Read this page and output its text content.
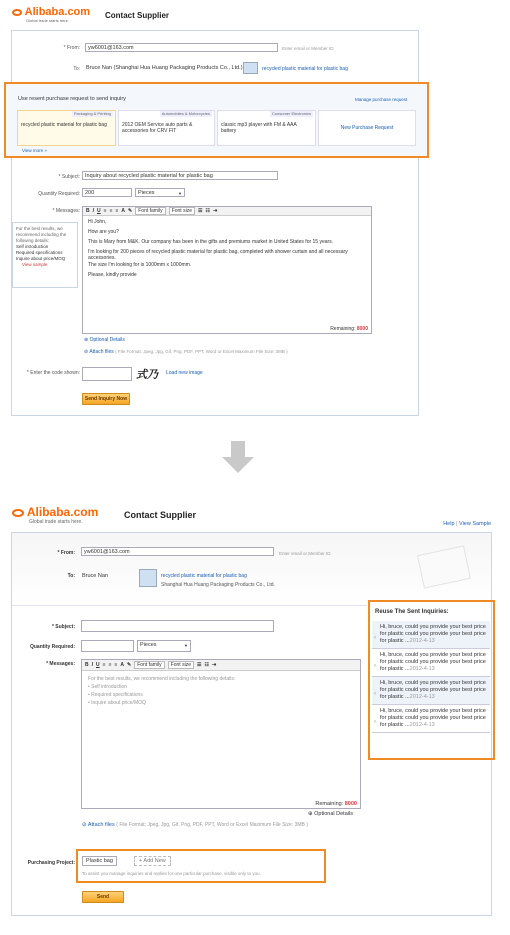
Alibaba.com
Global trade starts here.
Contact Supplier
* From:	yw6001@163.com	Enter email or Member ID
To: Bruce Nan (Shanghai Hua Huang Packaging Products Co., Ltd.)	recycled plastic material for plastic bag
Use resent purchase request to send inquiry	Manage purchase request
Packaging & Printing
recycled plastic material for plastic bag
Automobiles & Motorcycles
2012 OEM Service auto parts & accessories for CRV FIT
Consumer Electronics
classic mp3 player with FM & AAA battery	New Purchase Request
View more »
* Subject: Inquiry about recycled plastic material for plastic bag
Quantity Required: 200	Pieces	▼
* Messages: B I U ≡ ≡ ≡ A ✎	Font family	Font size	☰ ☷ ⇥

Hi John,

How are you?

This is Mary from M&K. Our company has been in the gifts and premiums market in United States for 15 years.

I'm looking for 200 pieces of recycled plastic material for plastic bag, completed with shower curtain and all necessary accessories.

The size I'm looking for is 1000mm x 1000mm.

Please, kindly provide

Remaining: 8000
For the best results, we recommend including the following details:
Self introduction
Required specifications
Inquire about price/MOQ
View sample
⊕ Optional Details
⊘ Attach files ( File Format: Jpeg, Jpg, Gif, Png, PDF, PPT, Word or Excel Maximum File Size: 3MB )
* Enter the code shown:	式乃 Load new image
Send Inquiry Now
Alibaba.com
Global trade starts here.
Contact Supplier
Help | View Sample
* From:	yw6001@163.com	Enter email or Member ID.
To: Bruce Nan	recycled plastic material for plastic bag
Shanghai Hua Huang Packaging Products Co., Ltd.
* Subject:
Quantity Required:	Pieces	▼
* Messages: B I U ≡ ≡ ≡ A ✎	Font family	Font size	☰ ☷ ⇥
For the best results, we recommend including the following details:
• Self introduction
• Required specifications
• Inquire about price/MOQ
Remaining: 8000
⊕ Optional Details
⊘ Attach files ( File Format: Jpeg, Jpg, Gif, Png, PDF, PPT, Word or Excel Maximum File Size: 3MB )
Purchasing Project:	Plastic bag	+ Add New
To assist you manage inquiries and replies for one particular purchase, visible only to you.
Send
Reuse The Sent Inquiries:
‹
Hi, bruce, could you provide your best price for plastic could you provide your best price for plastic ...2012-4-13
‹
Hi, bruce, could you provide your best price for plastic could you provide your best price for plastic ...2012-4-13
‹
Hi, bruce, could you provide your best price for plastic could you provide your best price for plastic ...2012-4-13
‹
Hi, bruce, could you provide your best price for plastic could you provide your best price for plastic ...2012-4-13
